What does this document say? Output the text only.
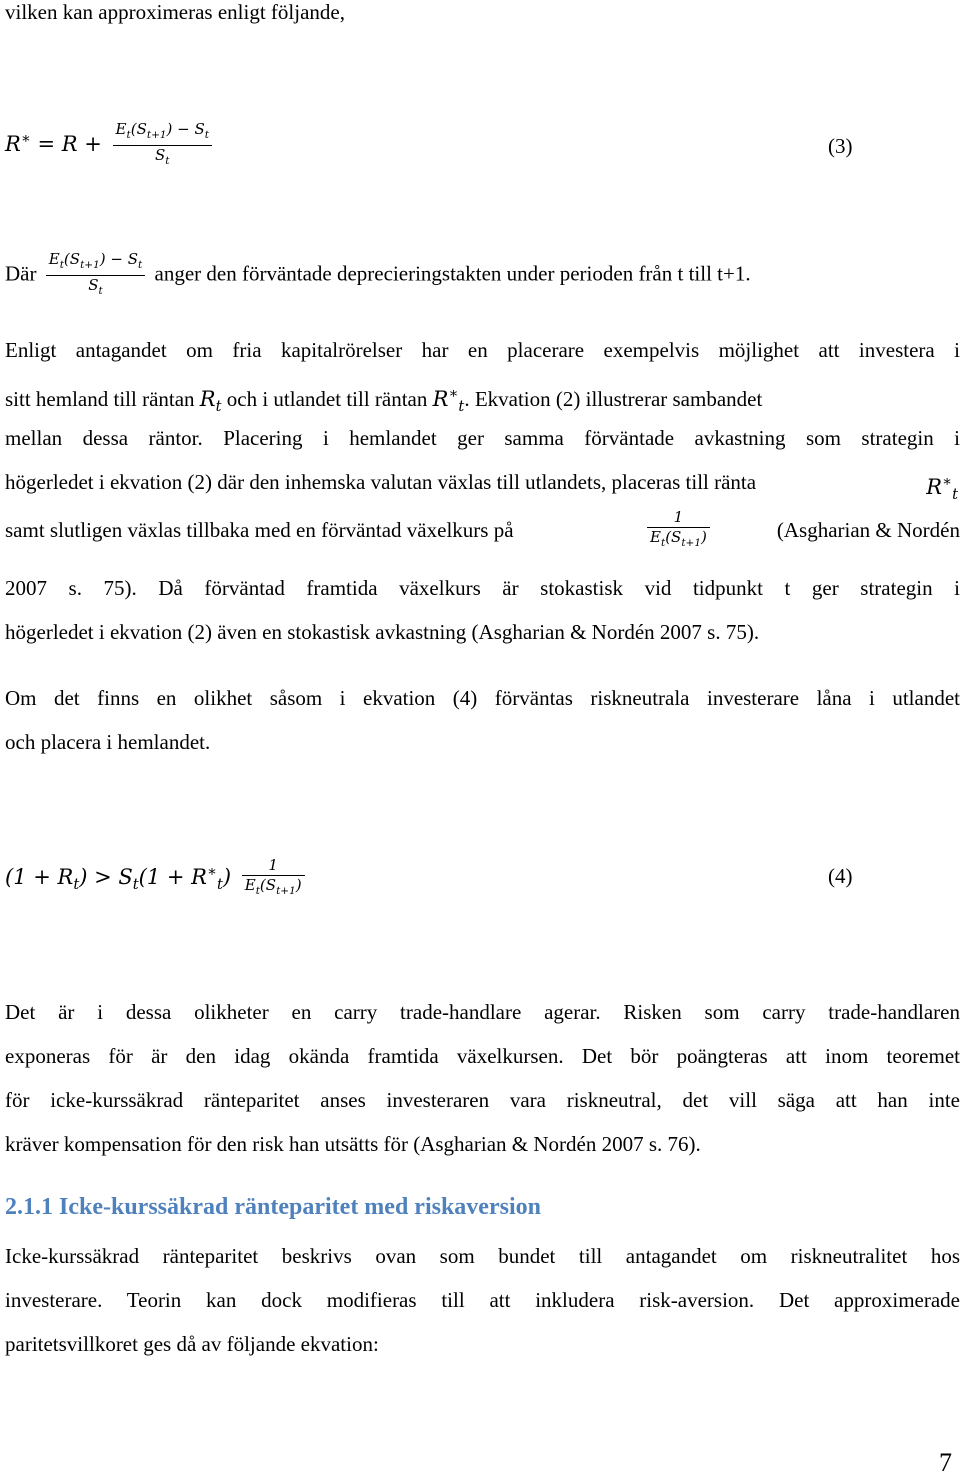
vilken kan approximeras enligt följande,
$R^∗ = R + \frac{E_t(S_{t+1}) - S_t}{S_t}$	(3)
Där $\frac{E_t(S_{t+1}) - S_t}{S_t}$ anger den förväntade deprecieringstakten under perioden från t till t+1.

Enligt antagandet om fria kapitalrörelser har en placerare exempelvis möjlighet att investera i

sitt hemland till räntan $R_t$ och i utlandet till räntan $R^∗_t$. Ekvation (2) illustrerar sambandet

mellan dessa räntor. Placering i hemlandet ger samma förväntade avkastning som strategin i

högerledet i ekvation (2) där den inhemska valutan växlas till utlandets, placeras till ränta	$R^∗_t$
samt slutligen växlas tillbaka med en förväntad växelkurs på	$\frac{1}{E_t(S_{t+1})}$	(Asgharian & Nordén

2007 s. 75). Då förväntad framtida växelkurs är stokastisk vid tidpunkt t ger strategin i

högerledet i ekvation (2) även en stokastisk avkastning (Asgharian & Nordén 2007 s. 75).

Om det finns en olikhet såsom i ekvation (4) förväntas riskneutrala investerare låna i utlandet

och placera i hemlandet.

$(1 + R_t) > S_t(1 + R^∗_t) \frac{1}{E_t(S_{t+1})}$	(4)

Det är i dessa olikheter en carry trade-handlare agerar. Risken som carry trade-handlaren

exponeras för är den idag okända framtida växelkursen. Det bör poängteras att inom teoremet

för icke-kurssäkrad ränteparitet anses investeraren vara riskneutral, det vill säga att han inte

kräver kompensation för den risk han utsätts för (Asgharian & Nordén 2007 s. 76).

2.1.1 Icke-kurssäkrad ränteparitet med riskaversion

Icke-kurssäkrad ränteparitet beskrivs ovan som bundet till antagandet om riskneutralitet hos

investerare. Teorin kan dock modifieras till att inkludera risk-aversion. Det approximerade

paritetsvillkoret ges då av följande ekvation:

7
